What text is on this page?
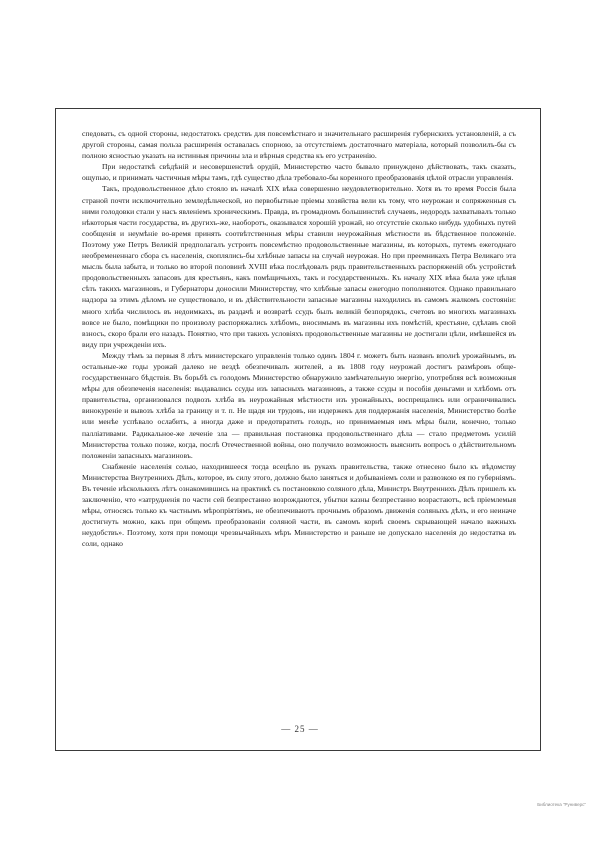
спедовать, съ одной стороны, недостатокъ средствъ для повсемѣстнаго и значительнаго расширенія губернскихъ установленій, а съ другой стороны, самая польза расширенія оставалась спорною, за отсутствіемъ достаточнаго матеріала, который позволилъ-бы съ полною ясностью указать на истинныя причины зла и вѣрныя средства къ его устраненію.

При недостаткѣ свѣдѣній и несовершенствѣ орудій, Министерство часто бывало принуждено дѣйствовать, такъ сказать, ощупью, и принимать частичныя мѣры тамъ, гдѣ существо дѣла требовало-бы коренного преобразованія цѣлой отрасли управленія.

Такъ, продовольственное дѣло стояло въ началѣ XIX вѣка совершенно неудовлетворительно. Хотя въ то время Россія была страной почти исключительно земледѣльческой, но первобытные пріемы хозяйства вели къ тому, что неурожаи и сопряженныя съ ними голодовки стали у насъ явленіемъ хроническимъ. Правда, въ громадномъ большинствѣ случаевъ, недородъ захватывалъ только нѣкоторыя части государства, въ другихъ-же, наоборотъ, оказывался хорошій урожай, но отсутствіе сколько нибудь удобныхъ путей сообщенія и неумѣніе во-время принять соотвѣтственныя мѣры ставили неурожайныя мѣстности въ бѣдственное положеніе. Поэтому уже Петръ Великій предполагалъ устроить повсемѣстно продовольственные магазины, въ которыхъ, путемъ ежегоднаго необремененнаго сбора съ населенія, скоплялись-бы хлѣбные запасы на случай неурожая. Но при преемникахъ Петра Великаго эта мысль была забыта, и только во второй половинѣ XVIII вѣка послѣдовалъ рядъ правительственныхъ распоряженій объ устройствѣ продовольственныхъ запасовъ для крестьянъ, какъ помѣщичьихъ, такъ и государственныхъ. Къ началу XIX вѣка была уже цѣлая сѣть такихъ магазиновъ, и Губернаторы доносили Министерству, что хлѣбные запасы ежегодно пополняются. Однако правильнаго надзора за этимъ дѣломъ не существовало, и въ дѣйствительности запасные магазины находились въ самомъ жалкомъ состояніи: много хлѣба числилось въ недоимкахъ, въ раздачѣ и возвратѣ ссудъ былъ великій безпорядокъ, счетовъ во многихъ магазинахъ вовсе не было, помѣщики по произволу распоряжались хлѣбомъ, вносимымъ въ магазины ихъ помѣстій, крестьяне, сдѣлавъ свой взносъ, скоро брали его назадъ. Понятно, что при такихъ условіяхъ продовольственные магазины не достигали цѣли, имѣвшейся въ виду при учрежденіи ихъ.

Между тѣмъ за первыя 8 лѣтъ министерскаго управленія только одинъ 1804 г. можетъ быть названъ вполнѣ урожайнымъ, въ остальные-же годы урожай далеко не вездѣ обезпечивалъ жителей, а въ 1808 году неурожай достигъ размѣровъ обще-государственнаго бѣдствія. Въ борьбѣ съ голодомъ Министерство обнаружило замѣчательную энергію, употребляя всѣ возможныя мѣры для обезпеченія населенія: выдавались ссуды изъ запасныхъ магазиновъ, а также ссуды и пособія деньгами и хлѣбомъ отъ правительства, организовался подвозъ хлѣба въ неурожайныя мѣстности изъ урожайныхъ, воспрещались или ограничивались винокуреніе и вывозъ хлѣба за границу и т. п. Не щадя ни трудовъ, ни издержекъ для поддержанія населенія, Министерство болѣе или менѣе успѣвало ослабить, а иногда даже и предотвратить голодъ, но принимаемыя имъ мѣры были, конечно, только палліативами. Радикальное-же леченіе зла — правильная постановка продовольственнаго дѣла — стало предметомъ усилій Министерства только позже, когда, послѣ Отечественной войны, оно получило возможность выяснить вопросъ о дѣйствительномъ положеніи запасныхъ магазиновъ.

Снабженіе населенія солью, находившееся тогда всецѣло въ рукахъ правительства, также отнесено было къ вѣдомству Министерства Внутреннихъ Дѣлъ, которое, въ силу этого, должно было заняться и добываніемъ соли и развозкою ея по губерніямъ. Въ теченіе нѣсколькихъ лѣтъ ознакомившись на практикѣ съ постановкою соляного дѣла, Министръ Внутреннихъ Дѣлъ пришелъ къ заключенію, что «затрудненія по части сей безпрестанно возрождаются, убытки казны безпрестанно возрастаютъ, всѣ пріемлемыя мѣры, относясь только къ частнымъ мѣропріятіямъ, не обезпечиваютъ прочнымъ образомъ движенія соляныхъ дѣлъ, и его неиначе достигнуть можно, какъ при общемъ преобразованіи соляной части, въ самомъ корнѣ своемъ скрывающей начало важныхъ неудобствъ». Поэтому, хотя при помощи чрезвычайныхъ мѣръ Министерство и раньше не допускало населенія до недостатка въ соли, однако

— 25 —
Библиотека "Руниверс"
